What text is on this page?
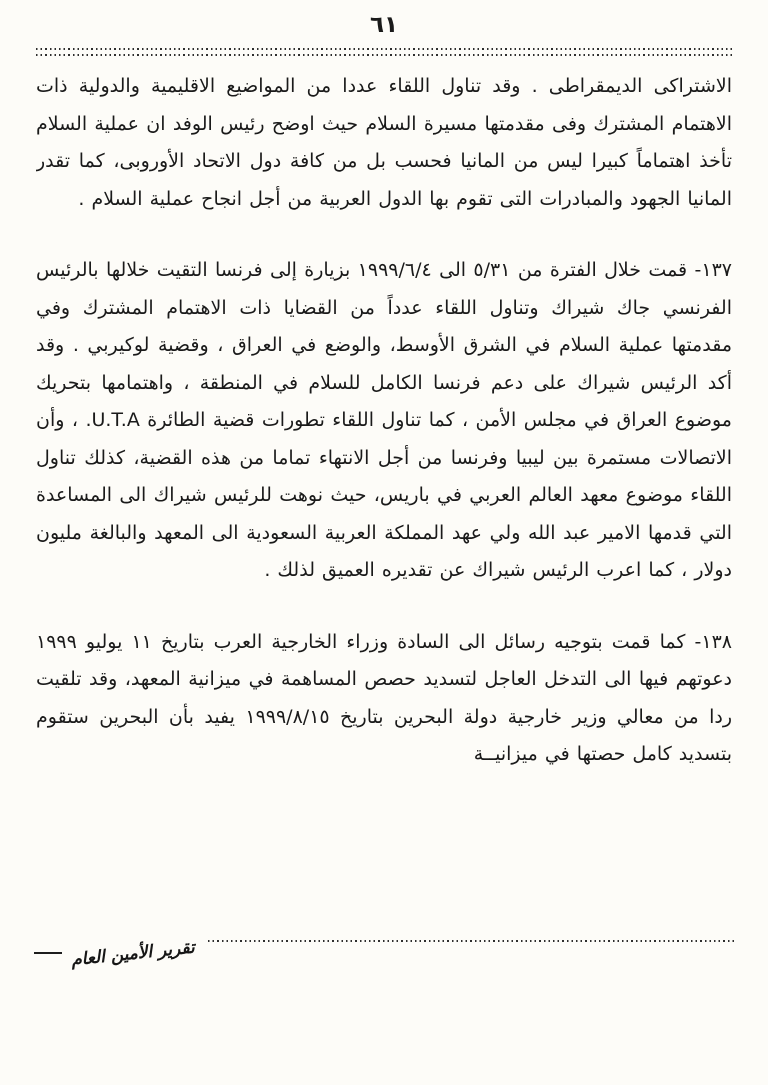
٦١

الاشتراكى الديمقراطى . وقد تناول اللقاء عددا من المواضيع الاقليمية والدولية ذات الاهتمام المشترك وفى مقدمتها مسيرة السلام حيث اوضح رئيس الوفد ان عملية السلام تأخذ اهتماماً كبيرا ليس من المانيا فحسب بل من كافة دول الاتحاد الأوروبى، كما تقدر المانيا الجهود والمبادرات التى تقوم بها الدول العربية من أجل انجاح عملية السلام .

١٣٧- قمت خلال الفترة من ٥/٣١ الى ١٩٩٩/٦/٤ بزيارة إلى فرنسا التقيت خلالها بالرئيس الفرنسي جاك شيراك وتناول اللقاء عدداً من القضايا ذات الاهتمام المشترك وفي مقدمتها عملية السلام في الشرق الأوسط، والوضع في العراق ، وقضية لوكيربي . وقد أكد الرئيس شيراك على دعم فرنسا الكامل للسلام في المنطقة ، واهتمامها بتحريك موضوع العراق في مجلس الأمن ، كما تناول اللقاء تطورات قضية الطائرة U.T.A. ، وأن الاتصالات مستمرة بين ليبيا وفرنسا من أجل الانتهاء تماما من هذه القضية، كذلك تناول اللقاء موضوع معهد العالم العربي في باريس، حيث نوهت للرئيس شيراك الى المساعدة التي قدمها الامير عبد الله ولي عهد المملكة العربية السعودية الى المعهد والبالغة مليون دولار ، كما اعرب الرئيس شيراك عن تقديره العميق لذلك .

١٣٨- كما قمت بتوجيه رسائل الى السادة وزراء الخارجية العرب بتاريخ ١١ يوليو ١٩٩٩ دعوتهم فيها الى التدخل العاجل لتسديد حصص المساهمة في ميزانية المعهد، وقد تلقيت ردا من معالي وزير خارجية دولة البحرين بتاريخ ١٩٩٩/٨/١٥ يفيد بأن البحرين ستقوم بتسديد كامل حصتها في ميزانيــة

تقرير الأمين العام
